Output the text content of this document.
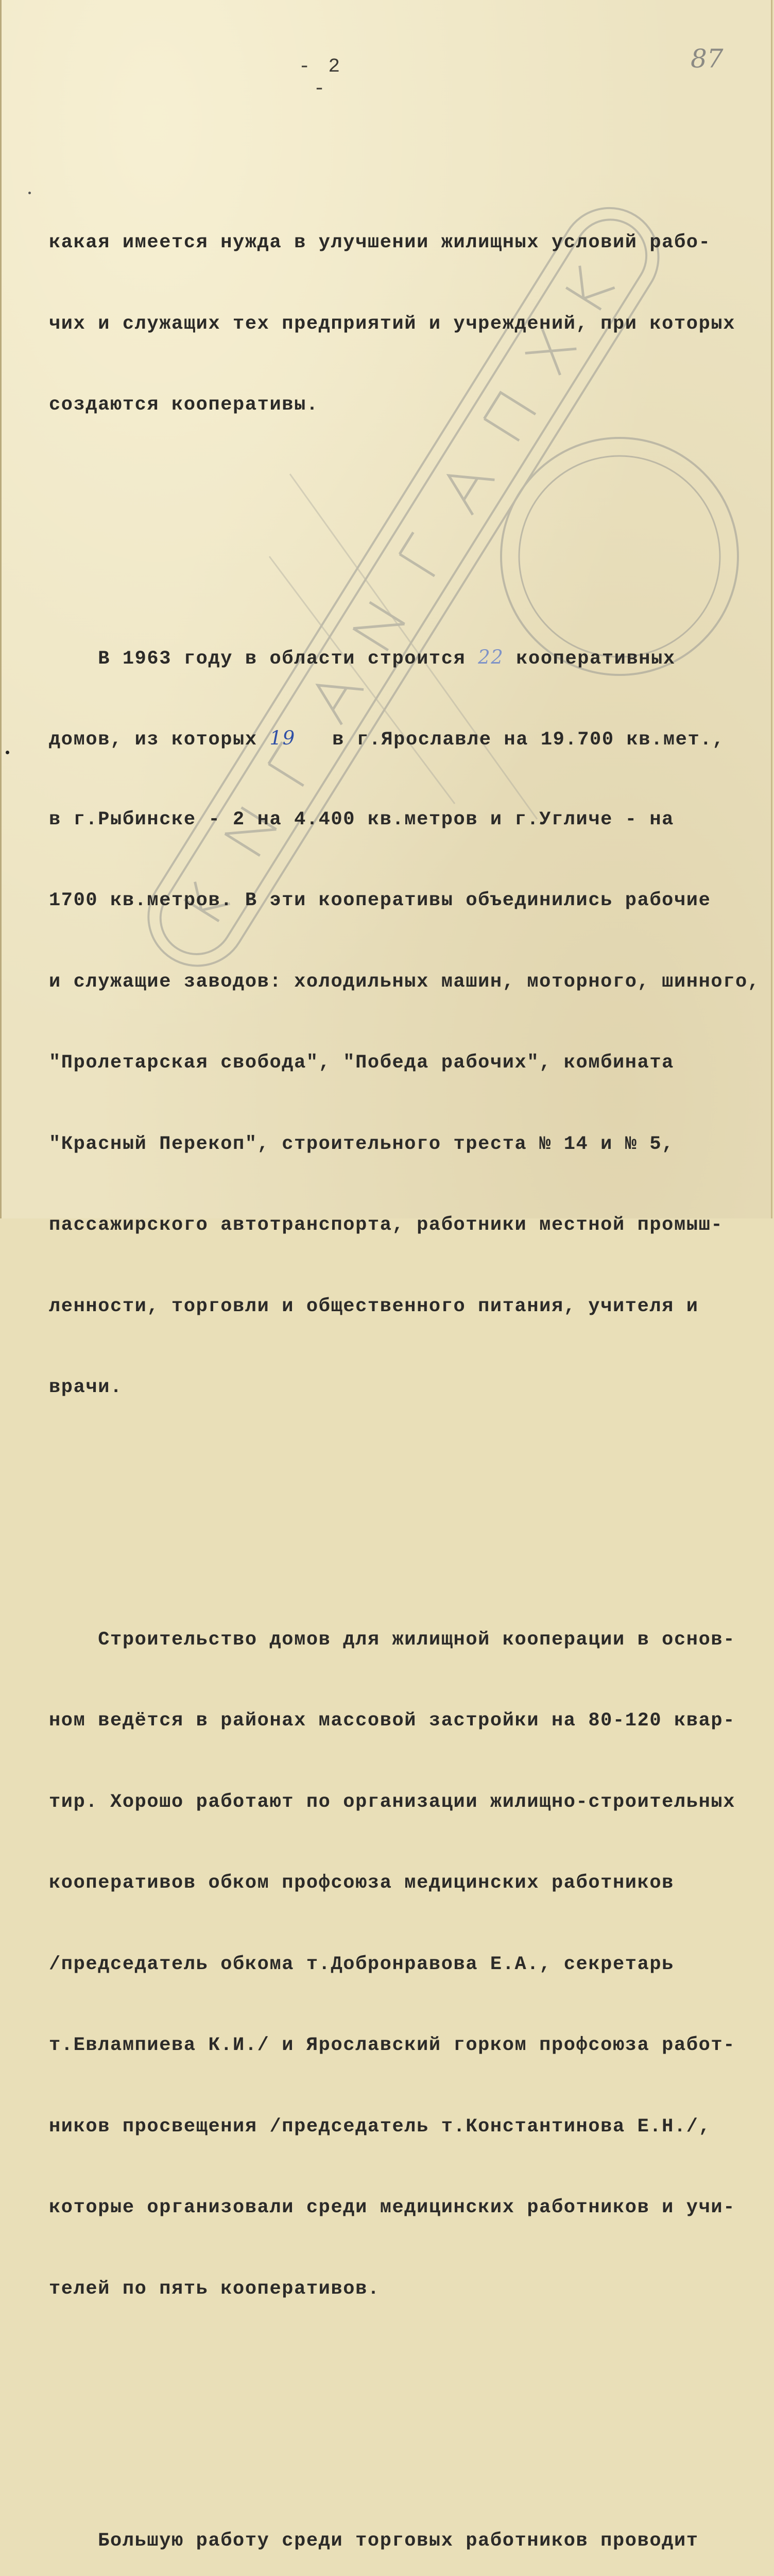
- 2 -
87

какая имеется нужда в улучшении жилищных условий рабо-

чих и служащих тех предприятий и учреждений, при которых

создаются кооперативы.

В 1963 году в области строится 22 кооперативных

домов, из которых 19   в г.Ярославле на 19.700 кв.мет.,

в г.Рыбинске - 2 на 4.400 кв.метров и г.Угличе - на

1700 кв.метров. В эти кооперативы объединились рабочие

и служащие заводов: холодильных машин, моторного, шинного,

"Пролетарская свобода", "Победа рабочих", комбината

"Красный Перекоп", строительного треста № 14 и № 5,

пассажирского автотранспорта, работники местной промыш-

ленности, торговли и общественного питания, учителя и

врачи.

Строительство домов для жилищной кооперации в основ-

ном ведётся в районах массовой застройки на 80-120 квар-

тир. Хорошо работают по организации жилищно-строительных

кооперативов обком профсоюза медицинских работников

/председатель обкома т.Добронравова Е.А., секретарь

т.Евлампиева К.И./ и Ярославский горком профсоюза работ-

ников просвещения /председатель т.Константинова Е.Н./,

которые организовали среди медицинских работников и учи-

телей по пять кооперативов.

Большую работу среди торговых работников проводит
